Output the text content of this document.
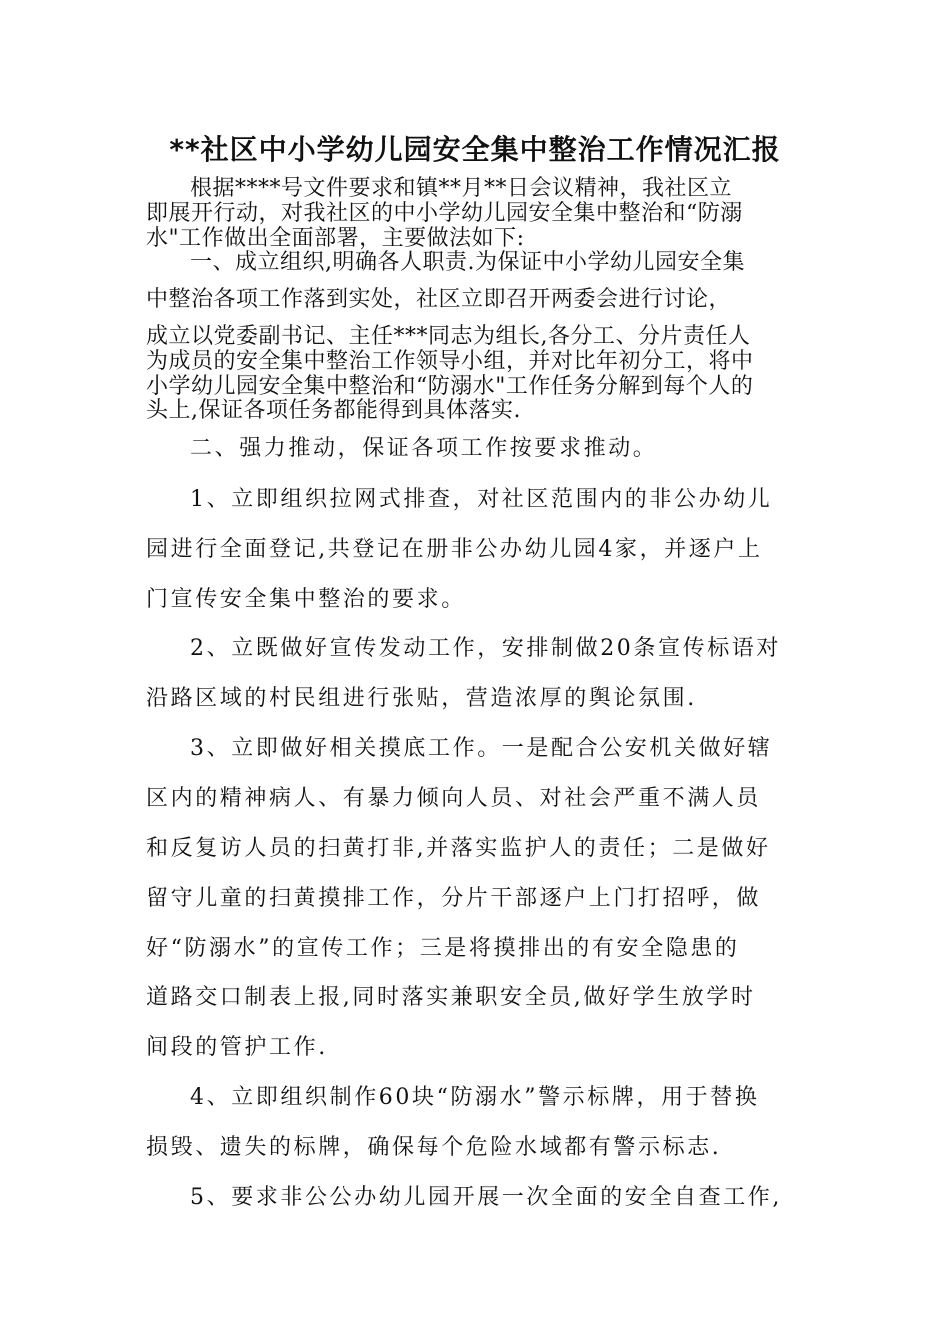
**社区中小学幼儿园安全集中整治工作情况汇报
根据****号文件要求和镇**月**日会议精神，我社区立
即展开行动，对我社区的中小学幼儿园安全集中整治和“防溺
水"工作做出全面部署，主要做法如下:
一、成立组织,明确各人职责.为保证中小学幼儿园安全集
中整治各项工作落到实处，社区立即召开两委会进行讨论，
成立以党委副书记、主任***同志为组长,各分工、分片责任人
为成员的安全集中整治工作领导小组，并对比年初分工，将中
小学幼儿园安全集中整治和“防溺水"工作任务分解到每个人的
头上,保证各项任务都能得到具体落实.
二、强力推动，保证各项工作按要求推动。
1、立即组织拉网式排查，对社区范围内的非公办幼儿
园进行全面登记,共登记在册非公办幼儿园4家，并逐户上
门宣传安全集中整治的要求。
2、立既做好宣传发动工作，安排制做20条宣传标语对
沿路区域的村民组进行张贴，营造浓厚的舆论氛围.
3、立即做好相关摸底工作。一是配合公安机关做好辖
区内的精神病人、有暴力倾向人员、对社会严重不满人员
和反复访人员的扫黄打非,并落实监护人的责任；二是做好
留守儿童的扫黄摸排工作，分片干部逐户上门打招呼，做
好“防溺水”的宣传工作；三是将摸排出的有安全隐患的
道路交口制表上报,同时落实兼职安全员,做好学生放学时
间段的管护工作.
4、立即组织制作60块“防溺水”警示标牌，用于替换
损毁、遗失的标牌，确保每个危险水域都有警示标志.
5、要求非公公办幼儿园开展一次全面的安全自查工作,
